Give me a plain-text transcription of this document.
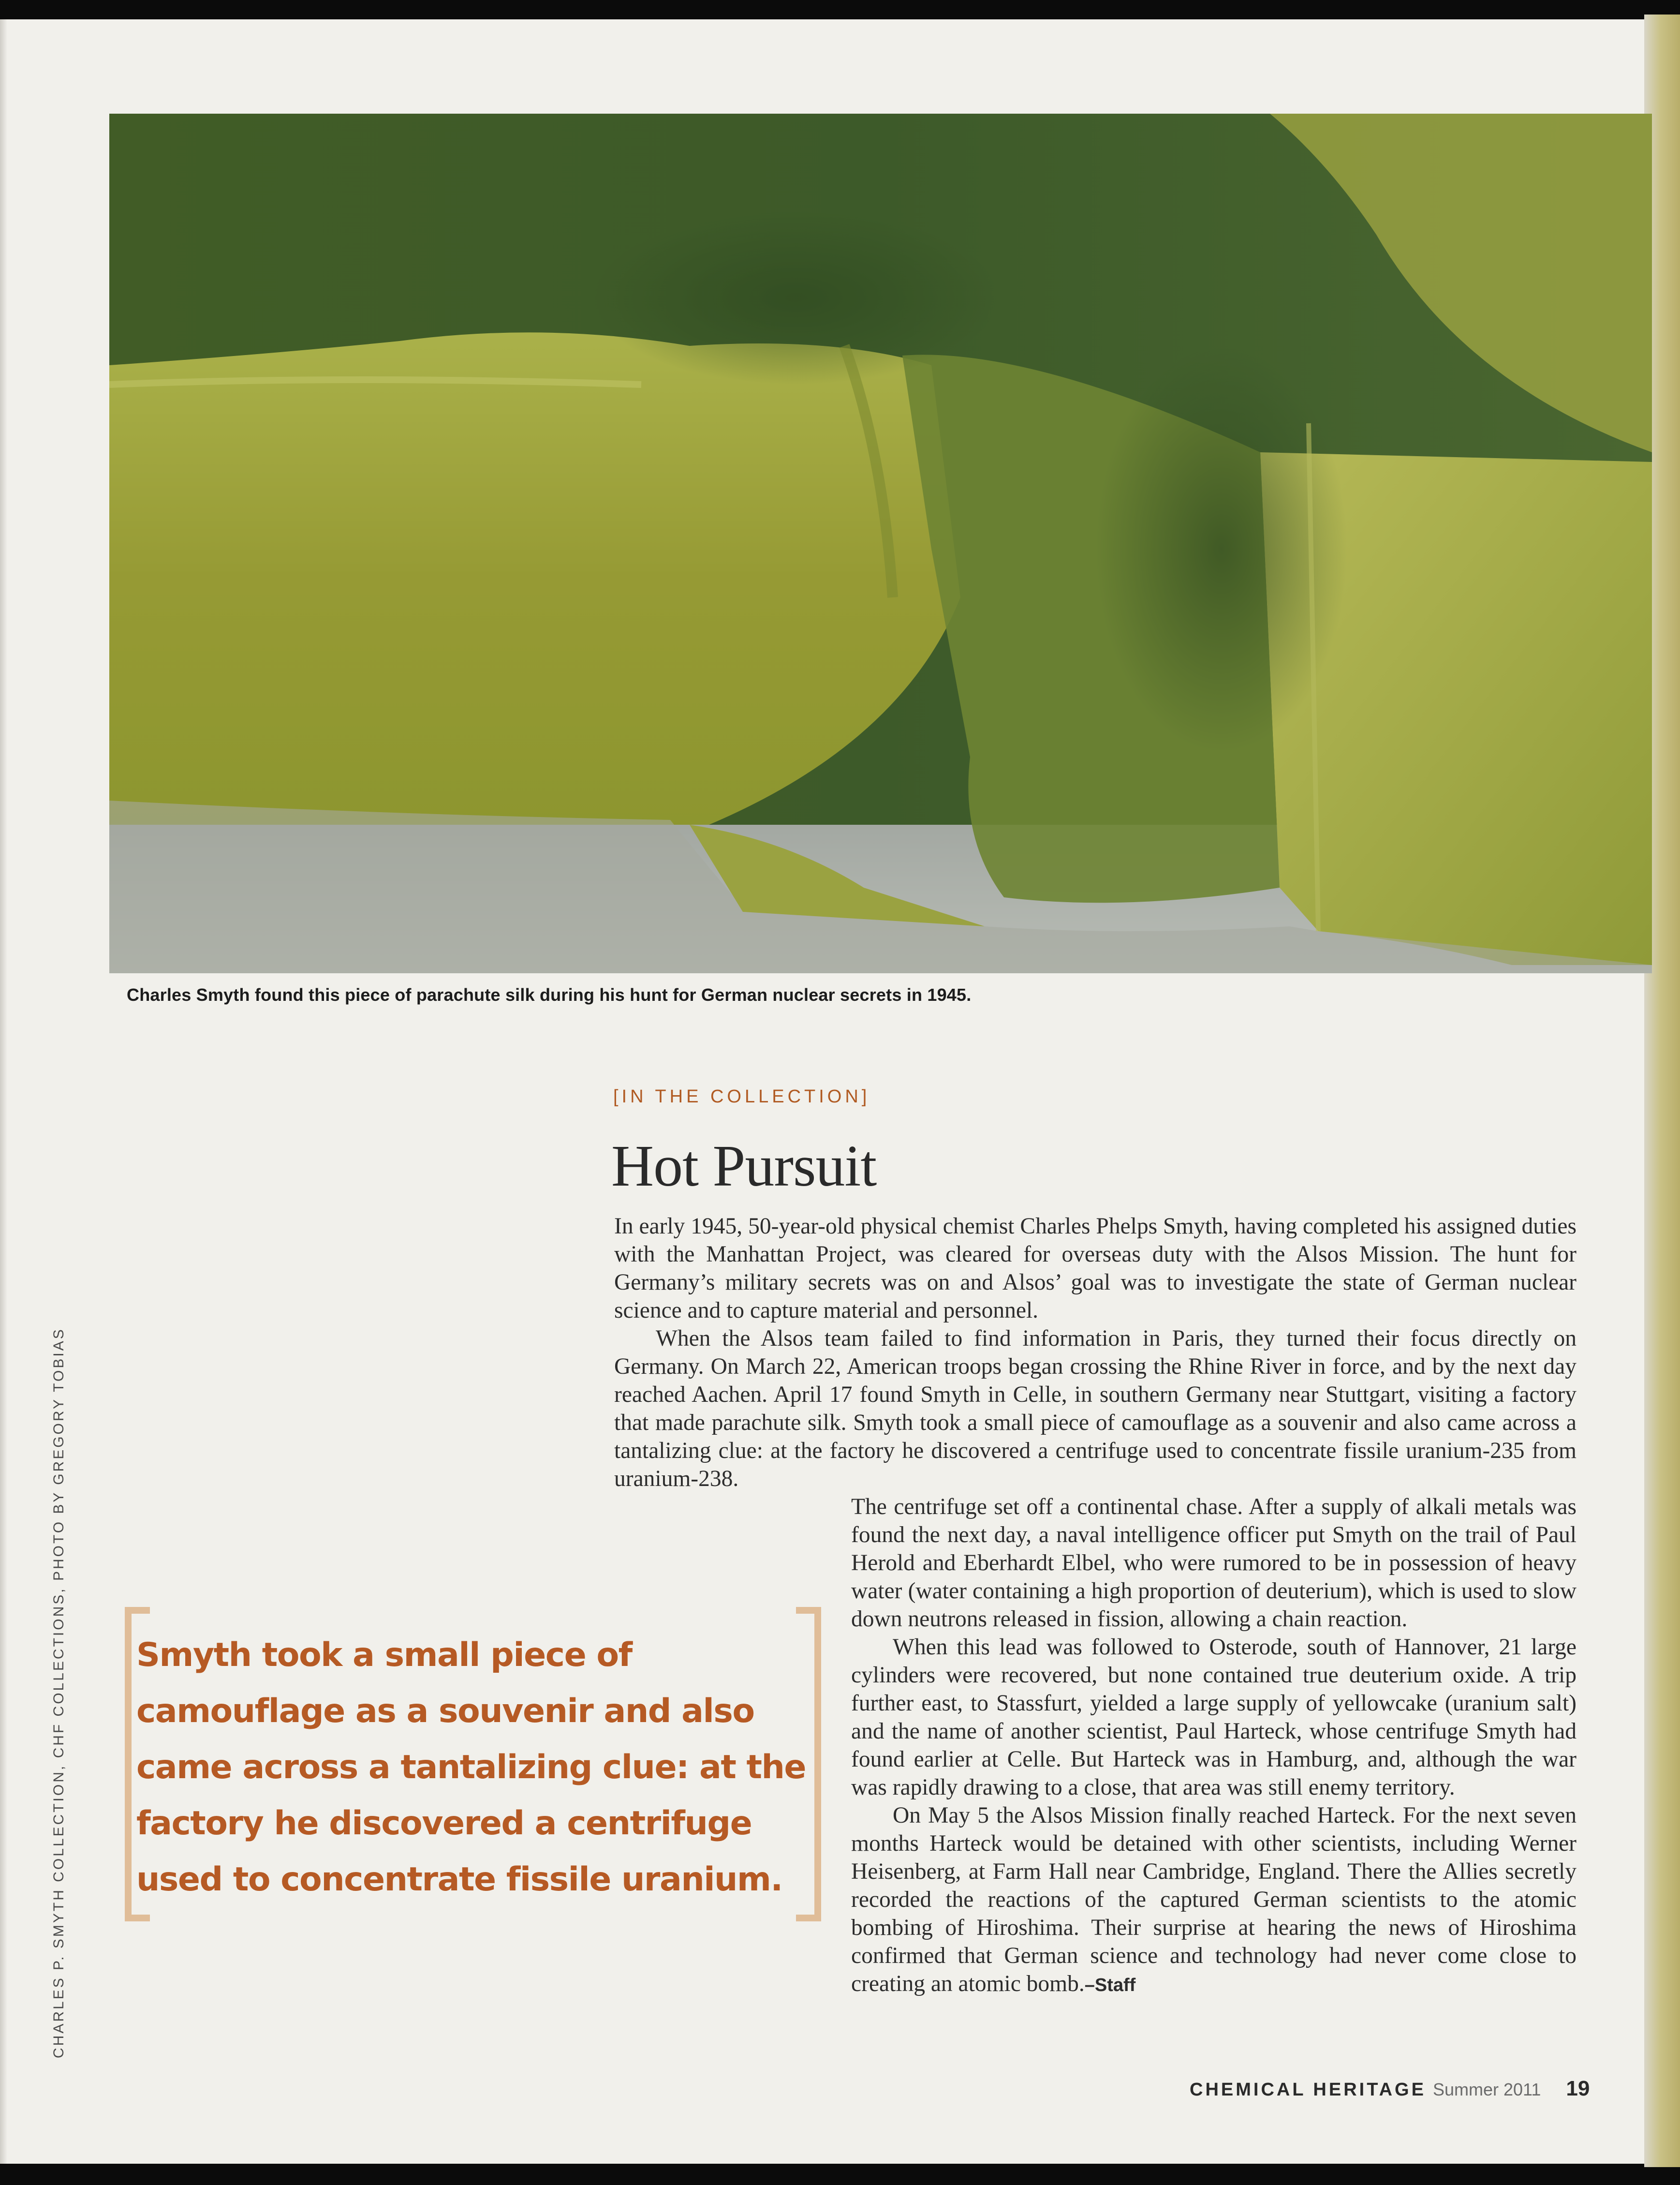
Charles Smyth found this piece of parachute silk during his hunt for German nuclear secrets in 1945.
[IN THE COLLECTION]
Hot Pursuit

In early 1945, 50-year-old physical chemist Charles Phelps Smyth, having completed his assigned duties with the Manhattan Project, was cleared for overseas duty with the Alsos Mission. The hunt for Germany’s military secrets was on and Alsos’ goal was to investigate the state of German nuclear science and to capture material and personnel.

When the Alsos team failed to find information in Paris, they turned their focus directly on Germany. On March 22, American troops began crossing the Rhine River in force, and by the next day reached Aachen. April 17 found Smyth in Celle, in southern Germany near Stuttgart, visiting a factory that made parachute silk. Smyth took a small piece of camouflage as a souvenir and also came across a tantalizing clue: at the factory he discovered a centrifuge used to concentrate fissile uranium-235 from uranium-238.

The centrifuge set off a continental chase. After a supply of alkali metals was found the next day, a naval intelligence officer put Smyth on the trail of Paul Herold and Eberhardt Elbel, who were rumored to be in possession of heavy water (water containing a high proportion of deuterium), which is used to slow down neutrons released in fission, allowing a chain reaction.

When this lead was followed to Osterode, south of Hannover, 21 large cylinders were recovered, but none contained true deuterium oxide. A trip further east, to Stassfurt, yielded a large supply of yellowcake (uranium salt) and the name of another scientist, Paul Harteck, whose centrifuge Smyth had found earlier at Celle. But Harteck was in Hamburg, and, although the war was rapidly drawing to a close, that area was still enemy territory.

On May 5 the Alsos Mission finally reached Harteck. For the next seven months Harteck would be detained with other scientists, including Werner Heisenberg, at Farm Hall near Cambridge, England. There the Allies secretly recorded the reactions of the captured German scientists to the atomic bombing of Hiroshima. Their surprise at hearing the news of Hiroshima confirmed that German science and technology had never come close to creating an atomic bomb.–Staff

Smyth took a small piece of camouflage as a souvenir and also came across a tantalizing clue: at the factory he discovered a centrifuge used to concentrate fissile uranium.
CHARLES P. SMYTH COLLECTION, CHF COLLECTIONS, PHOTO BY GREGORY TOBIAS
CHEMICAL HERITAGE Summer 2011 19
